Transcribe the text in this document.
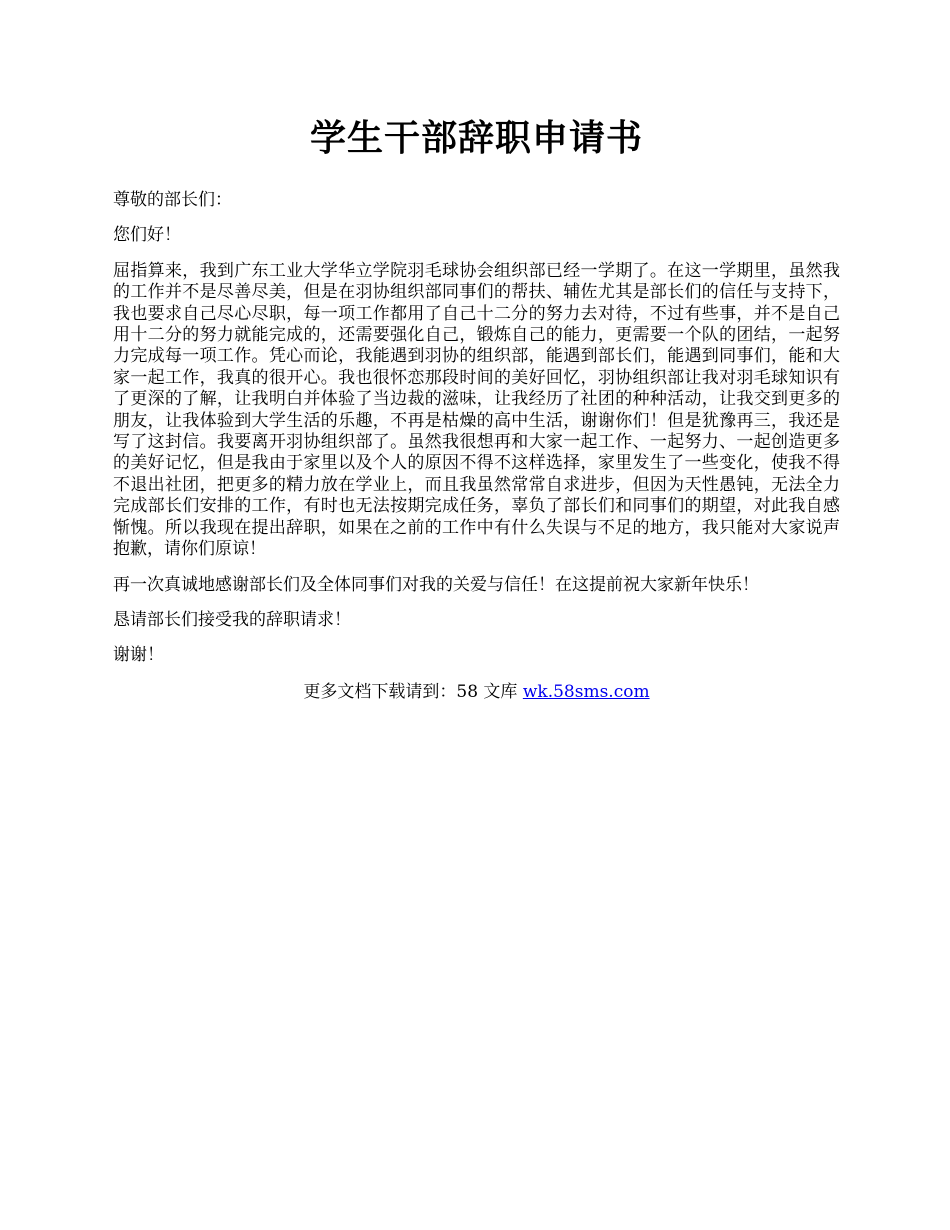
学生干部辞职申请书

尊敬的部长们：

您们好！

屈指算来，我到广东工业大学华立学院羽毛球协会组织部已经一学期了。在这一学期里，虽然我的工作并不是尽善尽美，但是在羽协组织部同事们的帮扶、辅佐尤其是部长们的信任与支持下，我也要求自己尽心尽职，每一项工作都用了自己十二分的努力去对待，不过有些事，并不是自己用十二分的努力就能完成的，还需要强化自己，锻炼自己的能力，更需要一个队的团结，一起努力完成每一项工作。凭心而论，我能遇到羽协的组织部，能遇到部长们，能遇到同事们，能和大家一起工作，我真的很开心。我也很怀恋那段时间的美好回忆，羽协组织部让我对羽毛球知识有了更深的了解，让我明白并体验了当边裁的滋味，让我经历了社团的种种活动，让我交到更多的朋友，让我体验到大学生活的乐趣，不再是枯燥的高中生活，谢谢你们！但是犹豫再三，我还是写了这封信。我要离开羽协组织部了。虽然我很想再和大家一起工作、一起努力、一起创造更多的美好记忆，但是我由于家里以及个人的原因不得不这样选择，家里发生了一些变化，使我不得不退出社团，把更多的精力放在学业上，而且我虽然常常自求进步，但因为天性愚钝，无法全力完成部长们安排的工作，有时也无法按期完成任务，辜负了部长们和同事们的期望，对此我自感惭愧。所以我现在提出辞职，如果在之前的工作中有什么失误与不足的地方，我只能对大家说声抱歉，请你们原谅！

再一次真诚地感谢部长们及全体同事们对我的关爱与信任！在这提前祝大家新年快乐！

恳请部长们接受我的辞职请求！

谢谢！

更多文档下载请到：58 文库 wk.58sms.com
